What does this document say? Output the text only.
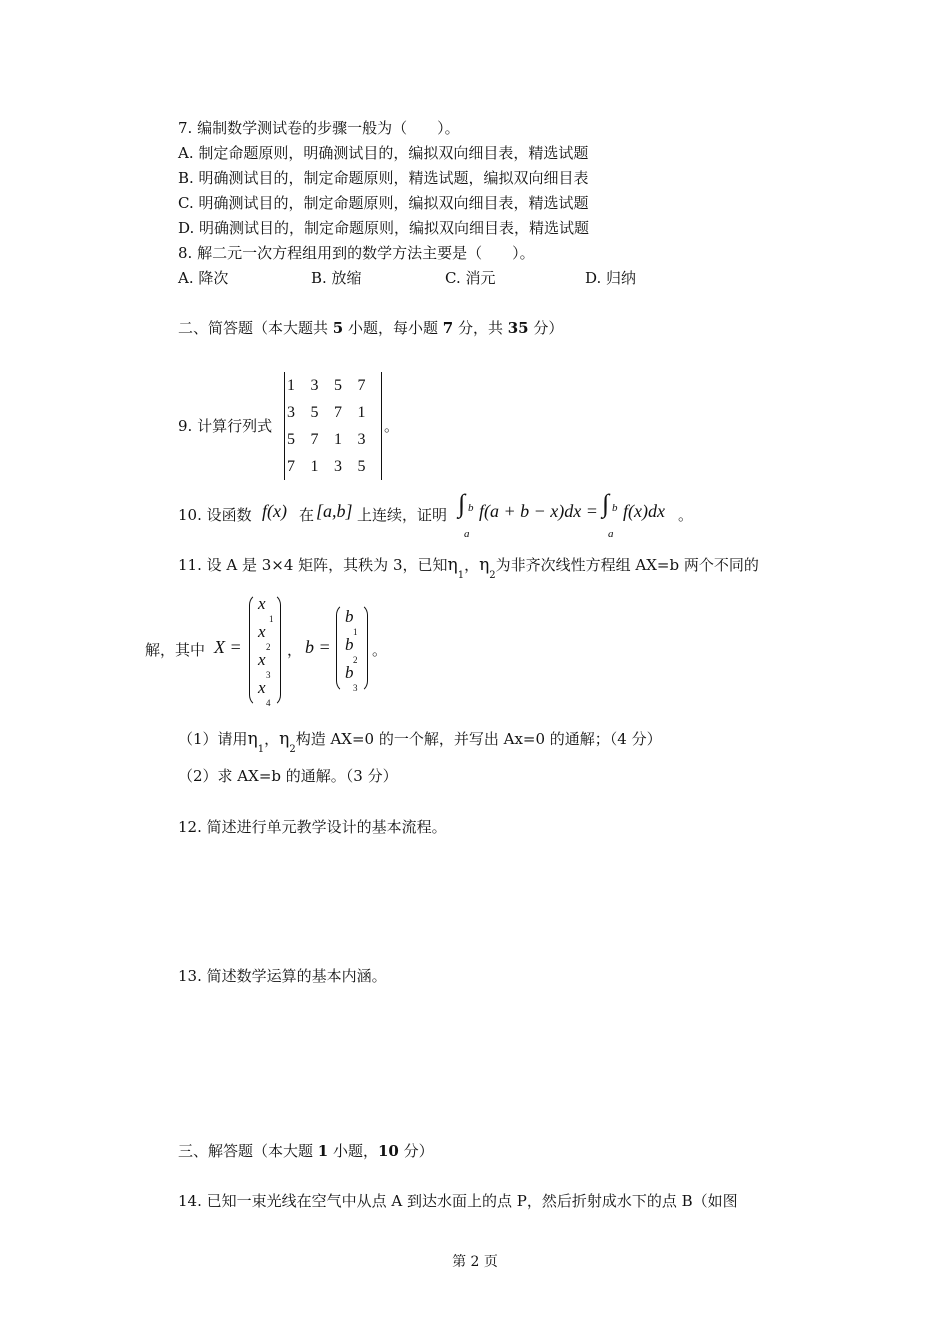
7. 编制数学测试卷的步骤一般为（　　）。
A. 制定命题原则，明确测试目的，编拟双向细目表，精选试题
B. 明确测试目的，制定命题原则，精选试题，编拟双向细目表
C. 明确测试目的，制定命题原则，编拟双向细目表，精选试题
D. 明确测试目的，制定命题原则，编拟双向细目表，精选试题
8. 解二元一次方程组用到的数学方法主要是（　　）。
A. 降次	B. 放缩	C. 消元	D. 归纳
二、简答题（本大题共 5 小题，每小题 7 分，共 35 分）
9. 计算行列式
1	3	5	7
3	5	7	1
5	7	1	3
7	1	3	5
。
10. 设函数 f(x) 在 [a,b] 上连续，证明 ∫ b
a
f(a + b − x)dx = ∫ b
a
f(x)dx 。
11. 设 A 是 3×4 矩阵，其秩为 3，已知$\eta_1$，$\eta_2$为非齐次线性方程组 AX=b 两个不同的
解，其中 X =
x
1
x
2
x
3
x
4
， b =
b
1
b
2
b
3
。
（1）请用$\eta_1$，$\eta_2$构造 AX=0 的一个解，并写出 Ax=0 的通解；（4 分）
（2）求 AX=b 的通解。（3 分）
12. 简述进行单元教学设计的基本流程。
13. 简述数学运算的基本内涵。
三、解答题（本大题 1 小题，10 分）
14. 已知一束光线在空气中从点 A 到达水面上的点 P，然后折射成水下的点 B（如图
第 2 页
